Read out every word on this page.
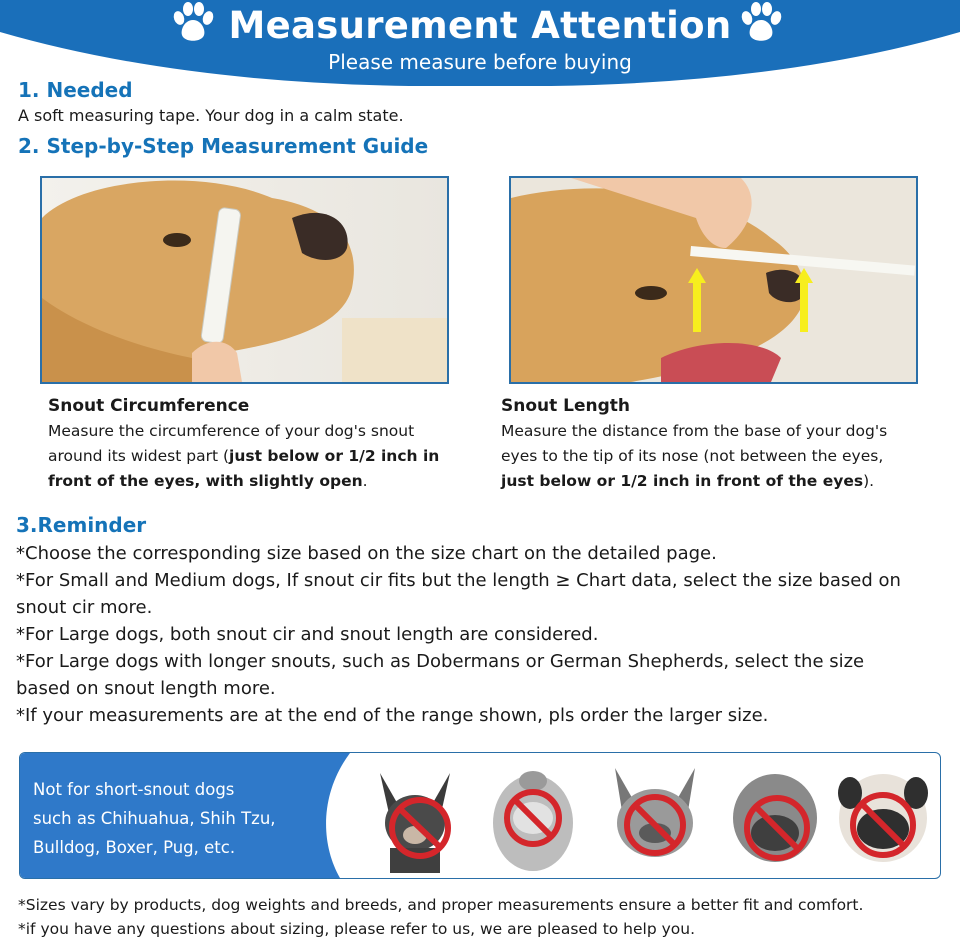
Measurement Attention
Please measure before buying
1. Needed
A soft measuring tape. Your dog in a calm state.
2. Step-by-Step Measurement Guide
Snout Circumference
Measure the circumference of your dog's snout
around its widest part (just below or 1/2 inch in
front of the eyes, with slightly open.
Snout Length
Measure the distance from the base of your dog's
eyes to the tip of its nose (not between the eyes,
just below or 1/2 inch in front of the eyes).
3.Reminder
*Choose the corresponding size based on the size chart on the detailed page.
*For Small and Medium dogs, If snout cir fits but the length ≥ Chart data, select the size based on
snout cir more.
*For Large dogs, both snout cir and snout length are considered.
*For Large dogs with longer snouts, such as Dobermans or German Shepherds, select the size
based on snout length more.
*If your measurements are at the end of the range shown, pls order the larger size.
Not for short-snout dogs
such as Chihuahua, Shih Tzu,
Bulldog, Boxer, Pug, etc.
*Sizes vary by products, dog weights and breeds, and proper measurements ensure a better fit and comfort.
*if you have any questions about sizing, please refer to us, we are pleased to help you.
